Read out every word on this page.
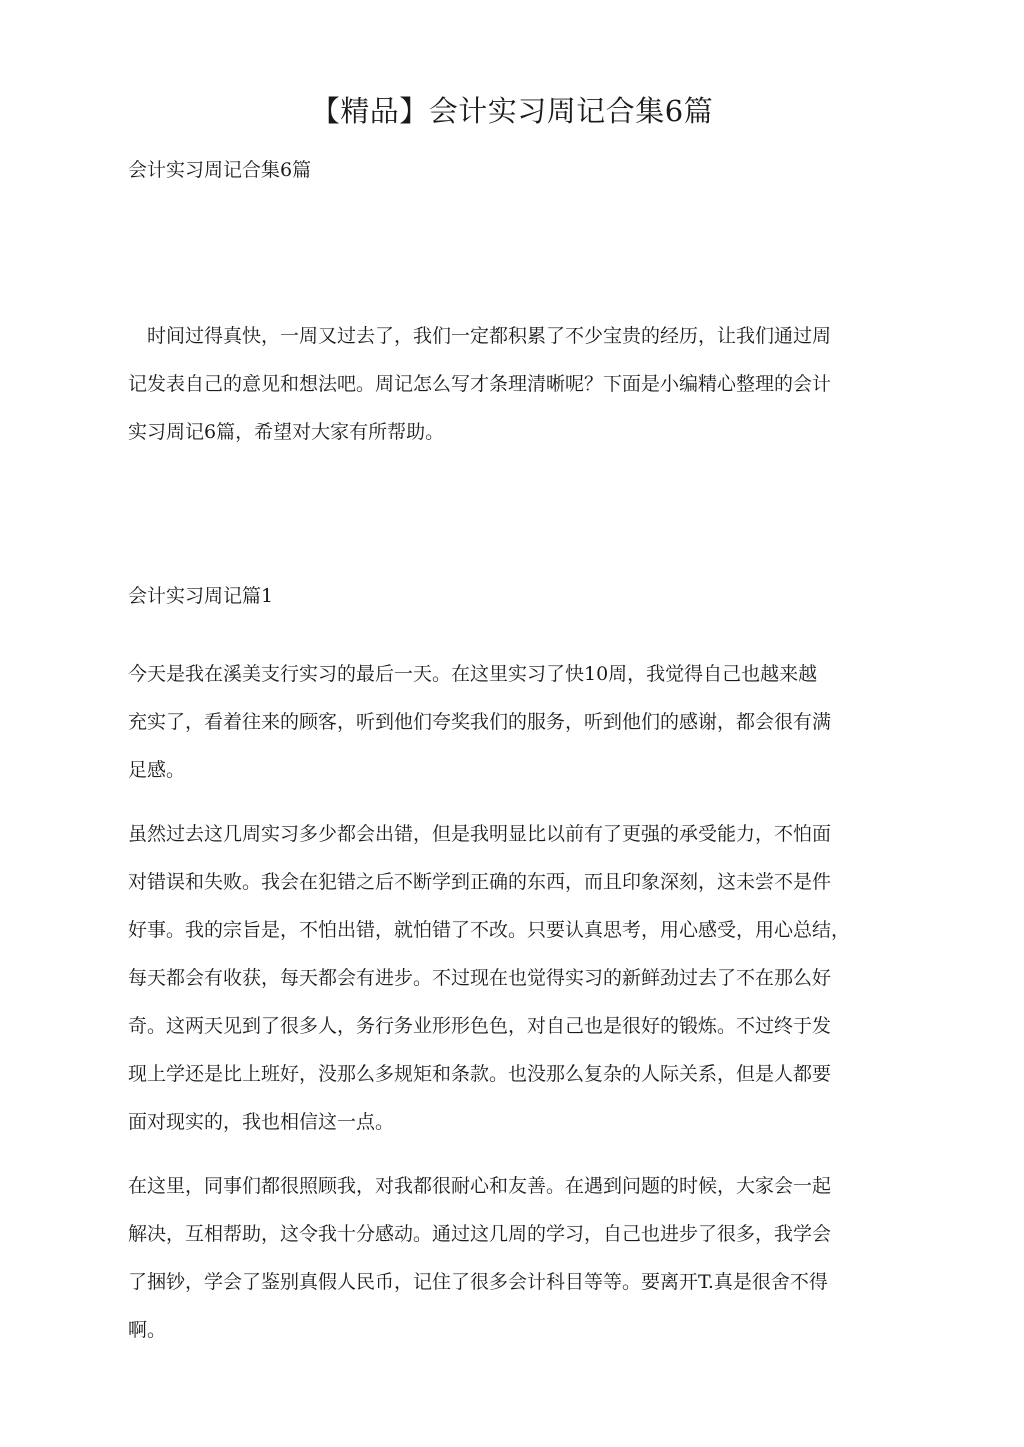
【精品】会计实习周记合集6篇
会计实习周记合集6篇

　时间过得真快，一周又过去了，我们一定都积累了不少宝贵的经历，让我们通过周
记发表自己的意见和想法吧。周记怎么写才条理清晰呢？下面是小编精心整理的会计
实习周记6篇，希望对大家有所帮助。

会计实习周记篇1

今天是我在溪美支行实习的最后一天。在这里实习了快10周，我觉得自己也越来越
充实了，看着往来的顾客，听到他们夸奖我们的服务，听到他们的感谢，都会很有满
足感。

虽然过去这几周实习多少都会出错，但是我明显比以前有了更强的承受能力，不怕面
对错误和失败。我会在犯错之后不断学到正确的东西，而且印象深刻，这未尝不是件
好事。我的宗旨是，不怕出错，就怕错了不改。只要认真思考，用心感受，用心总结，
每天都会有收获，每天都会有进步。不过现在也觉得实习的新鲜劲过去了不在那么好
奇。这两天见到了很多人，务行务业形形色色，对自己也是很好的锻炼。不过终于发
现上学还是比上班好，没那么多规矩和条款。也没那么复杂的人际关系，但是人都要
面对现实的，我也相信这一点。

在这里，同事们都很照顾我，对我都很耐心和友善。在遇到问题的时候，大家会一起
解决，互相帮助，这令我十分感动。通过这几周的学习，自己也进步了很多，我学会
了捆钞，学会了鉴别真假人民币，记住了很多会计科目等等。要离开T.真是很舍不得
啊。
